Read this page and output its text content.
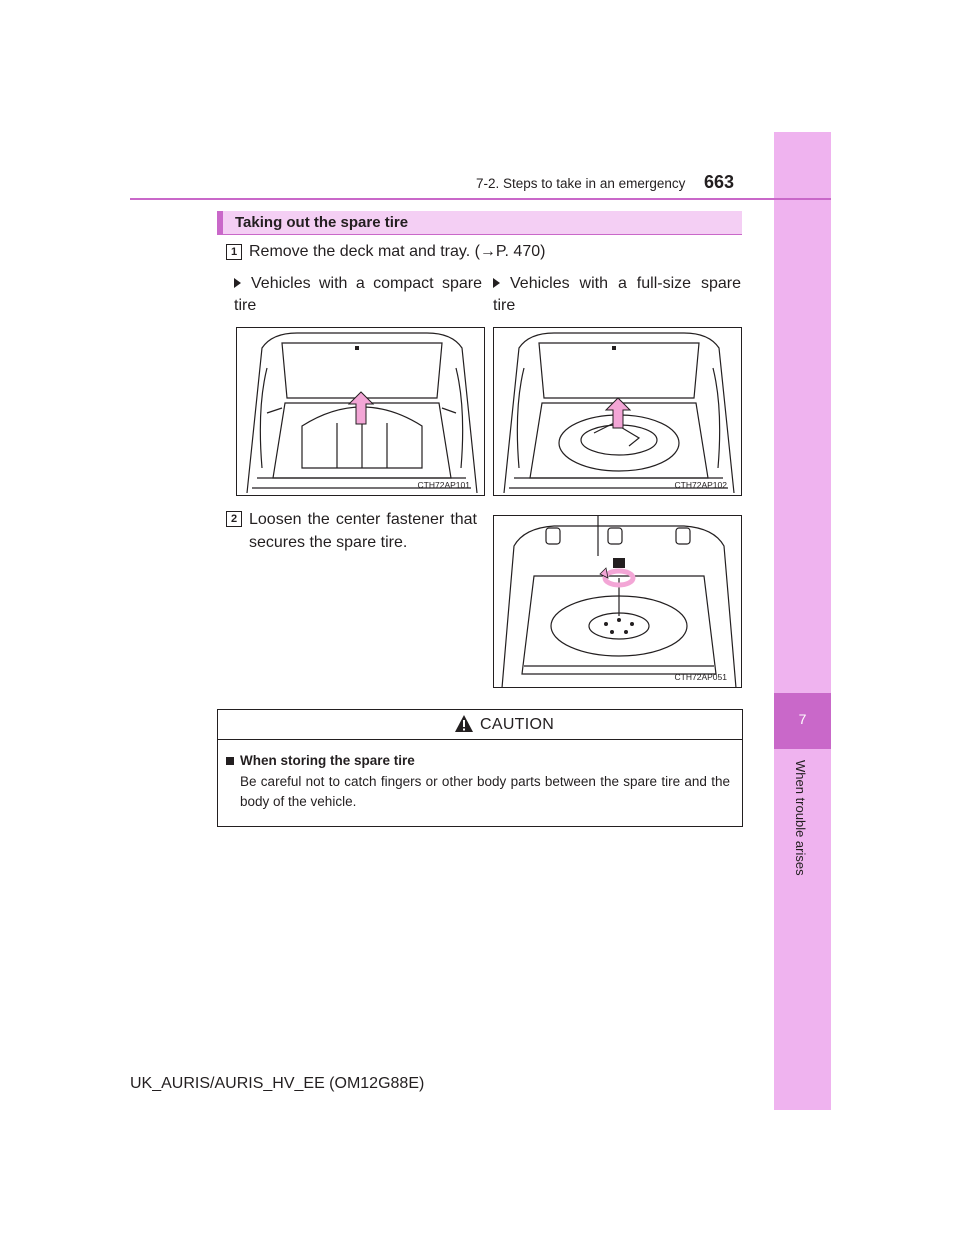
7
When trouble arises
7-2. Steps to take in an emergency 663
Taking out the spare tire
1 Remove the deck mat and tray. (→P. 470)
Vehicles with a compact spare tire
Vehicles with a full-size spare tire
CTH72AP101	CTH72AP102
2 Loosen the center fastener that secures the spare tire.
CTH72AP051
CAUTION
When storing the spare tire
Be careful not to catch fingers or other body parts between the spare tire and the body of the vehicle.
UK_AURIS/AURIS_HV_EE (OM12G88E)
